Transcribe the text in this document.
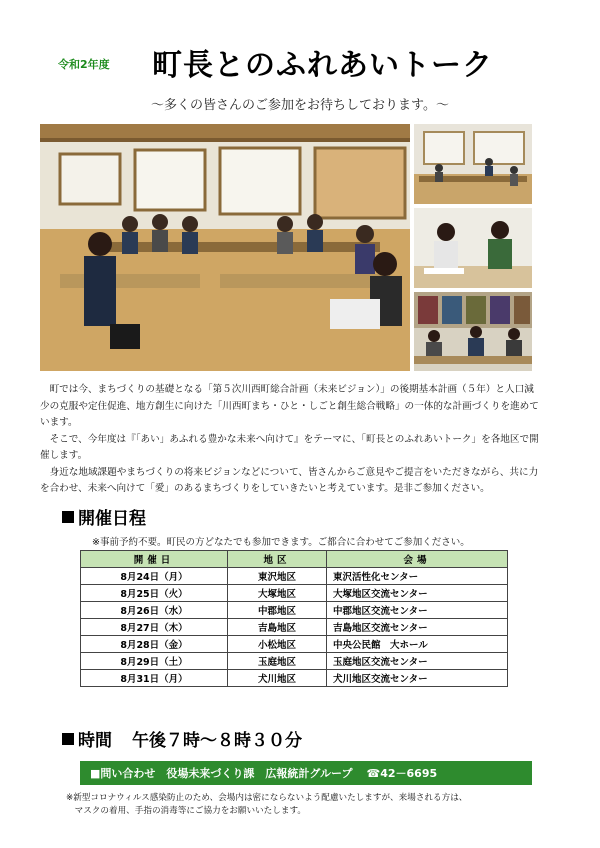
令和2年度 町長とのふれあいトーク
～多くの皆さんのご参加をお待ちしております。～

町では今、まちづくりの基礎となる「第５次川西町総合計画（未来ビジョン）」の後期基本計画（５年）と人口減少の克服や定住促進、地方創生に向けた「川西町まち・ひと・しごと創生総合戦略」の一体的な計画づくりを進めています。

そこで、今年度は『「あい」あふれる豊かな未来へ向けて』をテーマに、「町長とのふれあいトーク」を各地区で開催します。

身近な地域課題やまちづくりの将来ビジョンなどについて、皆さんからご意見やご提言をいただきながら、共に力を合わせ、未来へ向けて「愛」のあるまちづくりをしていきたいと考えています。是非ご参加ください。

開催日程
※事前予約不要。町民の方どなたでも参加できます。ご都合に合わせてご参加ください。
開催日	地区	会場
8月24日（月）	東沢地区	東沢活性化センター
8月25日（火）	大塚地区	大塚地区交流センター
8月26日（水）	中郡地区	中郡地区交流センター
8月27日（木）	吉島地区	吉島地区交流センター
8月28日（金）	小松地区	中央公民館　大ホール
8月29日（土）	玉庭地区	玉庭地区交流センター
8月31日（月）	犬川地区	犬川地区交流センター
時間 午後７時～８時３０分
■問い合わせ　役場未来づくり課　広報統計グループ ☎42－6695

※新型コロナウィルス感染防止のため、会場内は密にならないよう配慮いたしますが、来場される方は、

マスクの着用、手指の消毒等にご協力をお願いいたします。
